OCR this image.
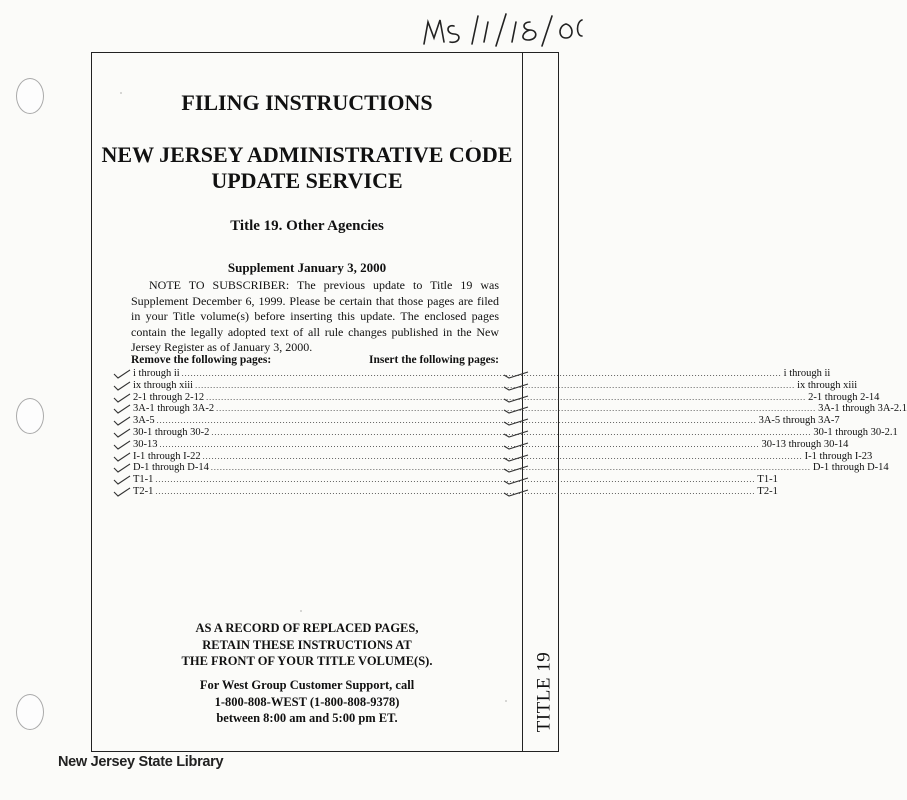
TITLE 19
FILING INSTRUCTIONS
NEW JERSEY ADMINISTRATIVE CODE
UPDATE SERVICE
Title 19. Other Agencies
Supplement January 3, 2000
NOTE TO SUBSCRIBER: The previous update to Title 19 was Supplement December 6, 1999. Please be certain that those pages are filed in your Title volume(s) before inserting this update. The enclosed pages contain the legally adopted text of all rule changes published in the New Jersey Register as of January 3, 2000.
Remove the following pages:	Insert the following pages:
i through ii ........................................................................................................................................................................................................ i through ii
ix through xiii ........................................................................................................................................................................................................ ix through xiii
2-1 through 2-12 ........................................................................................................................................................................................................ 2-1 through 2-14
3A-1 through 3A-2 ........................................................................................................................................................................................................ 3A-1 through 3A-2.1
3A-5 ........................................................................................................................................................................................................ 3A-5 through 3A-7
30-1 through 30-2 ........................................................................................................................................................................................................ 30-1 through 30-2.1
30-13 ........................................................................................................................................................................................................ 30-13 through 30-14
I-1 through I-22 ........................................................................................................................................................................................................ I-1 through I-23
D-1 through D-14 ........................................................................................................................................................................................................ D-1 through D-14
T1-1 ........................................................................................................................................................................................................ T1-1
T2-1 ........................................................................................................................................................................................................ T2-1
AS A RECORD OF REPLACED PAGES,
RETAIN THESE INSTRUCTIONS AT
THE FRONT OF YOUR TITLE VOLUME(S).
For West Group Customer Support, call
1-800-808-WEST (1-800-808-9378)
between 8:00 am and 5:00 pm ET.
New Jersey State Library
